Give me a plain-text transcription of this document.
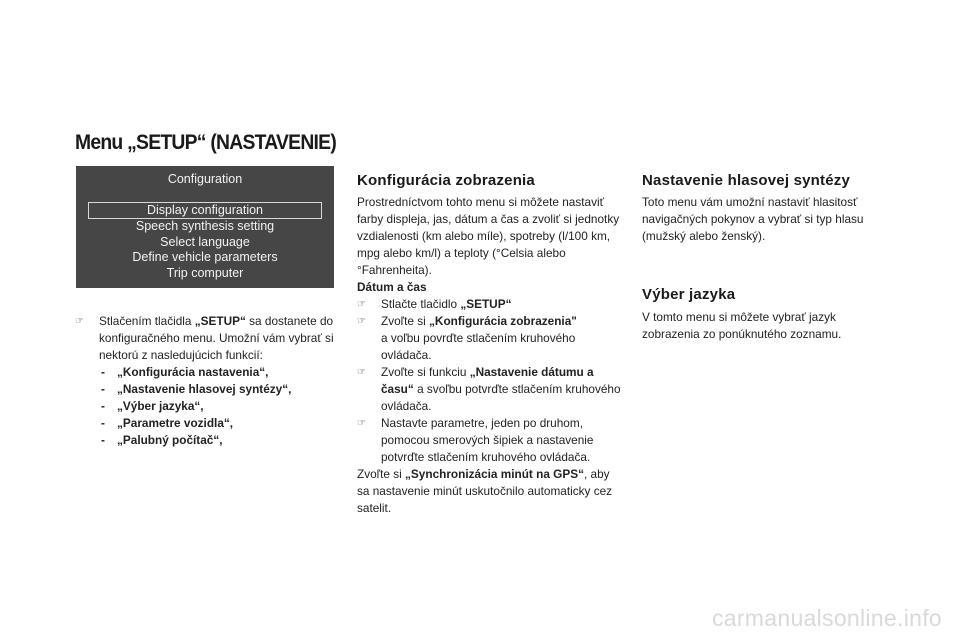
Menu „SETUP“ (NASTAVENIE)
Configuration
Display configuration
Speech synthesis setting
Select language
Define vehicle parameters
Trip computer

☞ Stlačením tlačidla „SETUP“ sa dostanete do konfiguračného menu. Umožní vám vybrať si nektorú z nasledujúcich funkcií:

- „Konfigurácia nastavenia“,
- „Nastavenie hlasovej syntézy“,
- „Výber jazyka“,
- „Parametre vozidla“,
- „Palubný počítač“,
Konfigurácia zobrazenia

Prostredníctvom tohto menu si môžete nastaviť farby displeja, jas, dátum a čas a zvoliť si jednotky vzdialenosti (km alebo míle), spotreby (l/100 km, mpg alebo km/l) a teploty (°Celsia alebo °Fahrenheita).

Dátum a čas

☞ Stlačte tlačidlo „SETUP“

☞ Zvoľte si „Konfigurácia zobrazenia"
a voľbu povrďte stlačením kruhového ovládača.

☞ Zvoľte si funkciu „Nastavenie dátumu a času“ a svoľbu potvrďte stlačením kruhového ovládača.

☞ Nastavte parametre, jeden po druhom, pomocou smerových šipiek a nastavenie potvrďte stlačením kruhového ovládača.

Zvoľte si „Synchronizácia minút na GPS“, aby sa nastavenie minút uskutočnilo automaticky cez satelit.

Nastavenie hlasovej syntézy

Toto menu vám umožní nastaviť hlasitosť navigačných pokynov a vybrať si typ hlasu (mužský alebo ženský).

Výber jazyka

V tomto menu si môžete vybrať jazyk zobrazenia zo ponúknutého zoznamu.

carmanualsonline.info
